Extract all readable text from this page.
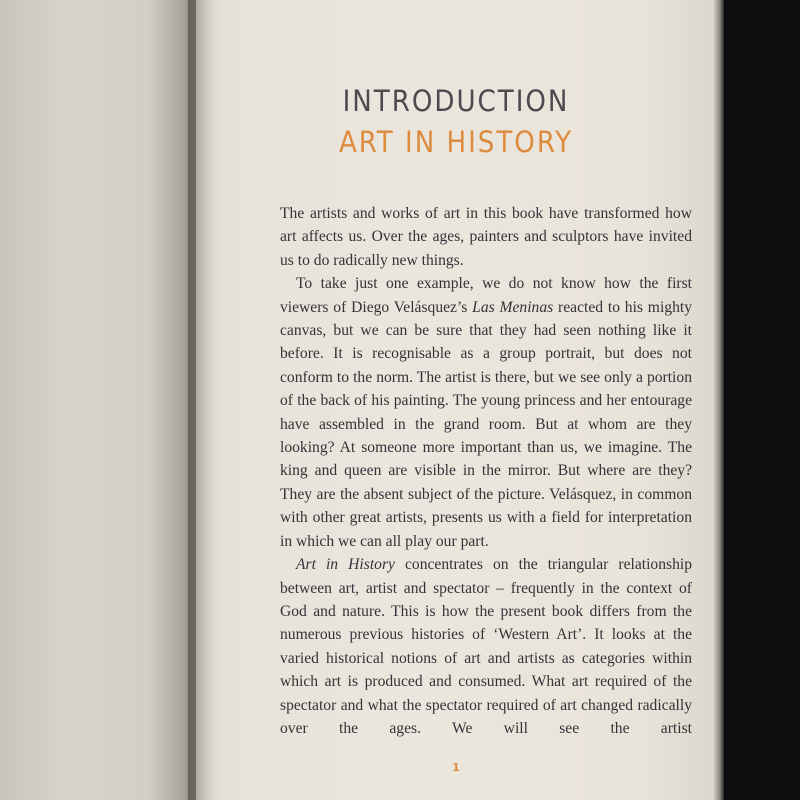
INTRODUCTION
ART IN HISTORY

The artists and works of art in this book have transformed how art affects us. Over the ages, painters and sculptors have invited us to do radically new things.

To take just one example, we do not know how the first viewers of Diego Velásquez’s Las Meninas reacted to his mighty canvas, but we can be sure that they had seen nothing like it before. It is recognisable as a group portrait, but does not conform to the norm. The artist is there, but we see only a portion of the back of his painting. The young princess and her entourage have assembled in the grand room. But at whom are they looking? At someone more important than us, we imagine. The king and queen are visible in the mirror. But where are they? They are the absent subject of the picture. Velásquez, in common with other great artists, presents us with a field for interpretation in which we can all play our part.

Art in History concentrates on the triangular relationship between art, artist and spectator – frequently in the context of God and nature. This is how the present book differs from the numerous previous histories of ‘Western Art’. It looks at the varied historical notions of art and artists as categories within which art is produced and consumed. What art required of the spectator and what the spectator required of art changed radically over the ages. We will see the artist

1
